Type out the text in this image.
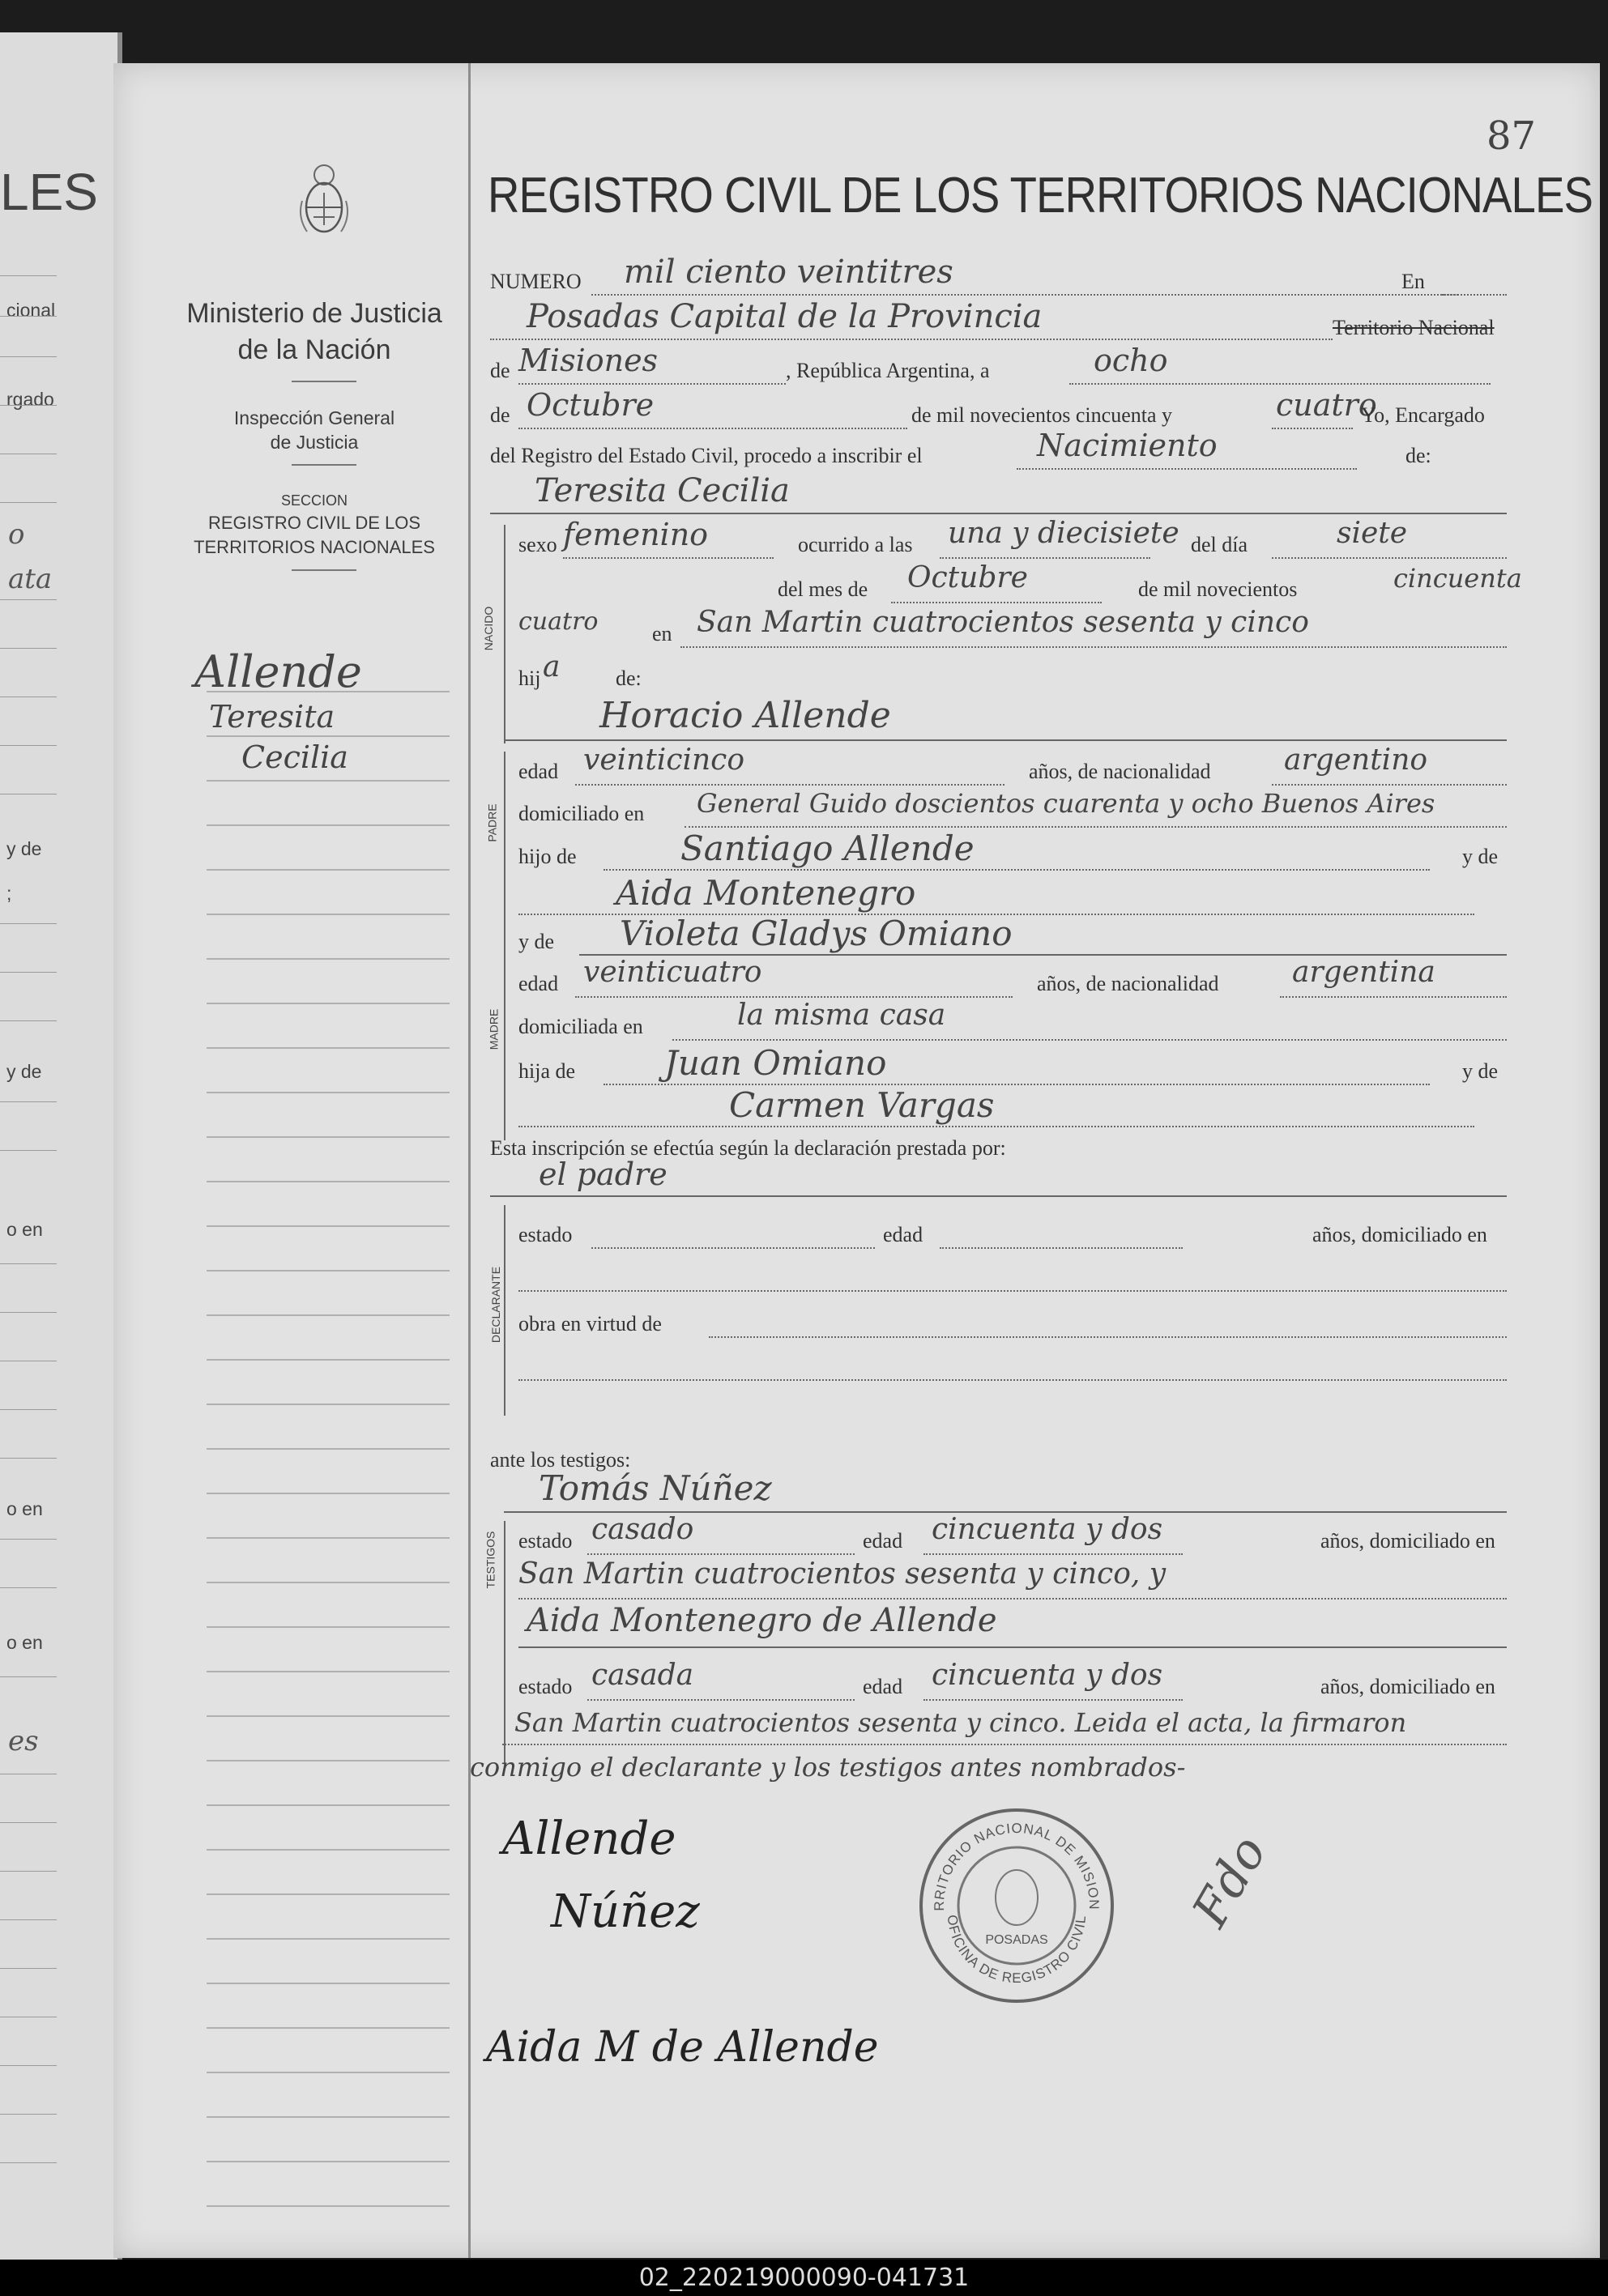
LES
cional
rgado
y de
;
y de
o en
o en
o en
o
ata
es
Ministerio de Justicia
de la Nación
Inspección General
de Justicia
SECCION
REGISTRO CIVIL DE LOS
TERRITORIOS NACIONALES
Allende
Teresita
Cecilia
87
REGISTRO CIVIL DE LOS TERRITORIOS NACIONALES
NUMERO mil ciento veintitres	En
Posadas Capital de la Provincia	Territorio Nacional
de Misiones	, República Argentina, a	ocho
de Octubre	de mil novecientos cincuenta y	cuatro
Yo, Encargado
del Registro del Estado Civil, procedo a inscribir el	Nacimiento	de:
Teresita Cecilia
NACIDO
sexo femenino	ocurrido a las una y diecisiete del día	siete
del mes de Octubre	de mil novecientos	cincuenta
cuatro	en San Martin cuatrocientos sesenta y cinco
hij a	de:
Horacio Allende
PADRE
edad veinticinco	años, de nacionalidad	argentino
domiciliado en General Guido doscientos cuarenta y ocho Buenos Aires
hijo de	Santiago Allende	y de
Aida Montenegro
y de Violeta Gladys Omiano
MADRE
edad veinticuatro	años, de nacionalidad	argentina
domiciliada en	la misma casa
hija de	Juan Omiano	y de
Carmen Vargas
Esta inscripción se efectúa según la declaración prestada por:
el padre
DECLARANTE
estado	edad	años, domiciliado en
obra en virtud de
ante los testigos:
Tomás Núñez
TESTIGOS estado casado	edad cincuenta y dos	años, domiciliado en
San Martin cuatrocientos sesenta y cinco, y
Aida Montenegro de Allende
estado casada	edad cincuenta y dos	años, domiciliado en
San Martin cuatrocientos sesenta y cinco. Leida el acta, la firmaron
conmigo el declarante y los testigos antes nombrados-
Allende
Núñez
Aida M de Allende
Fdo
RRITORIO NACIONAL DE MISION
OFICINA DE REGISTRO CIVIL
POSADAS
02_220219000090-041731
